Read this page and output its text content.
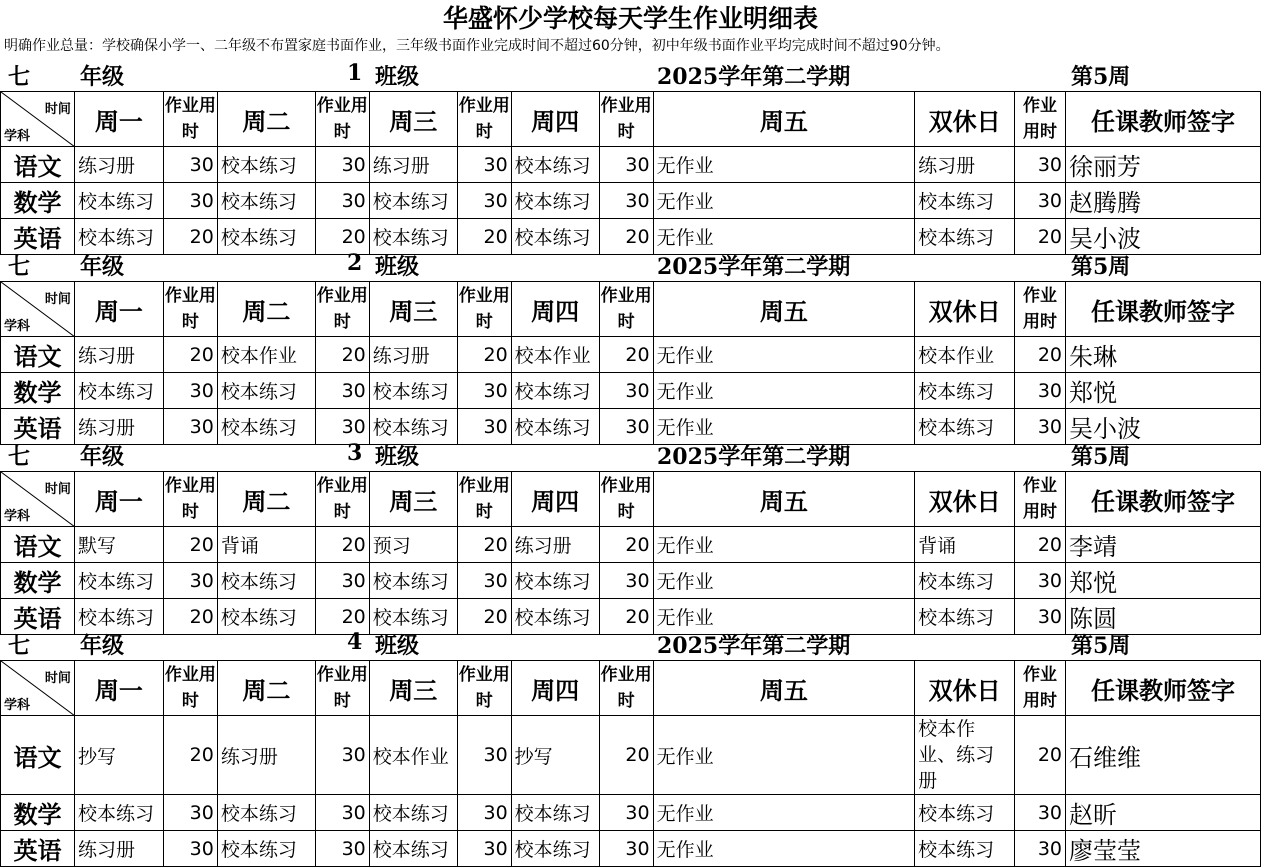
华盛怀少学校每天学生作业明细表
明确作业总量：学校确保小学一、二年级不布置家庭书面作业，三年级书面作业完成时间不超过60分钟，初中年级书面作业平均完成时间不超过90分钟。
七 年级	1 班级	2025学年第二学期	第5周
时间
学科	周一	作业用时	周二	作业用时	周三	作业用时	周四	作业用时	周五	双休日	作业用时	任课教师签字
语文	练习册	30	校本练习	30	练习册	30	校本练习	30	无作业	练习册	30	徐丽芳
数学	校本练习	30	校本练习	30	校本练习	30	校本练习	30	无作业	校本练习	30	赵腾腾
英语	校本练习	20	校本练习	20	校本练习	20	校本练习	20	无作业	校本练习	20	吴小波
七 年级	2 班级	2025学年第二学期	第5周
时间
学科	周一	作业用时	周二	作业用时	周三	作业用时	周四	作业用时	周五	双休日	作业用时	任课教师签字
语文	练习册	20	校本作业	20	练习册	20	校本作业	20	无作业	校本作业	20	朱琳
数学	校本练习	30	校本练习	30	校本练习	30	校本练习	30	无作业	校本练习	30	郑悦
英语	练习册	30	校本练习	30	校本练习	30	校本练习	30	无作业	校本练习	30	吴小波
七 年级	3 班级	2025学年第二学期	第5周
时间
学科	周一	作业用时	周二	作业用时	周三	作业用时	周四	作业用时	周五	双休日	作业用时	任课教师签字
语文	默写	20	背诵	20	预习	20	练习册	20	无作业	背诵	20	李靖
数学	校本练习	30	校本练习	30	校本练习	30	校本练习	30	无作业	校本练习	30	郑悦
英语	校本练习	20	校本练习	20	校本练习	20	校本练习	20	无作业	校本练习	30	陈圆
七 年级	4 班级	2025学年第二学期	第5周
时间
学科	周一	作业用时	周二	作业用时	周三	作业用时	周四	作业用时	周五	双休日	作业用时	任课教师签字
语文	抄写	20	练习册	30	校本作业	30	抄写	20	无作业	校本作业、练习册	20	石维维
数学	校本练习	30	校本练习	30	校本练习	30	校本练习	30	无作业	校本练习	30	赵昕
英语	练习册	30	校本练习	30	校本练习	30	校本练习	30	无作业	校本练习	30	廖莹莹
